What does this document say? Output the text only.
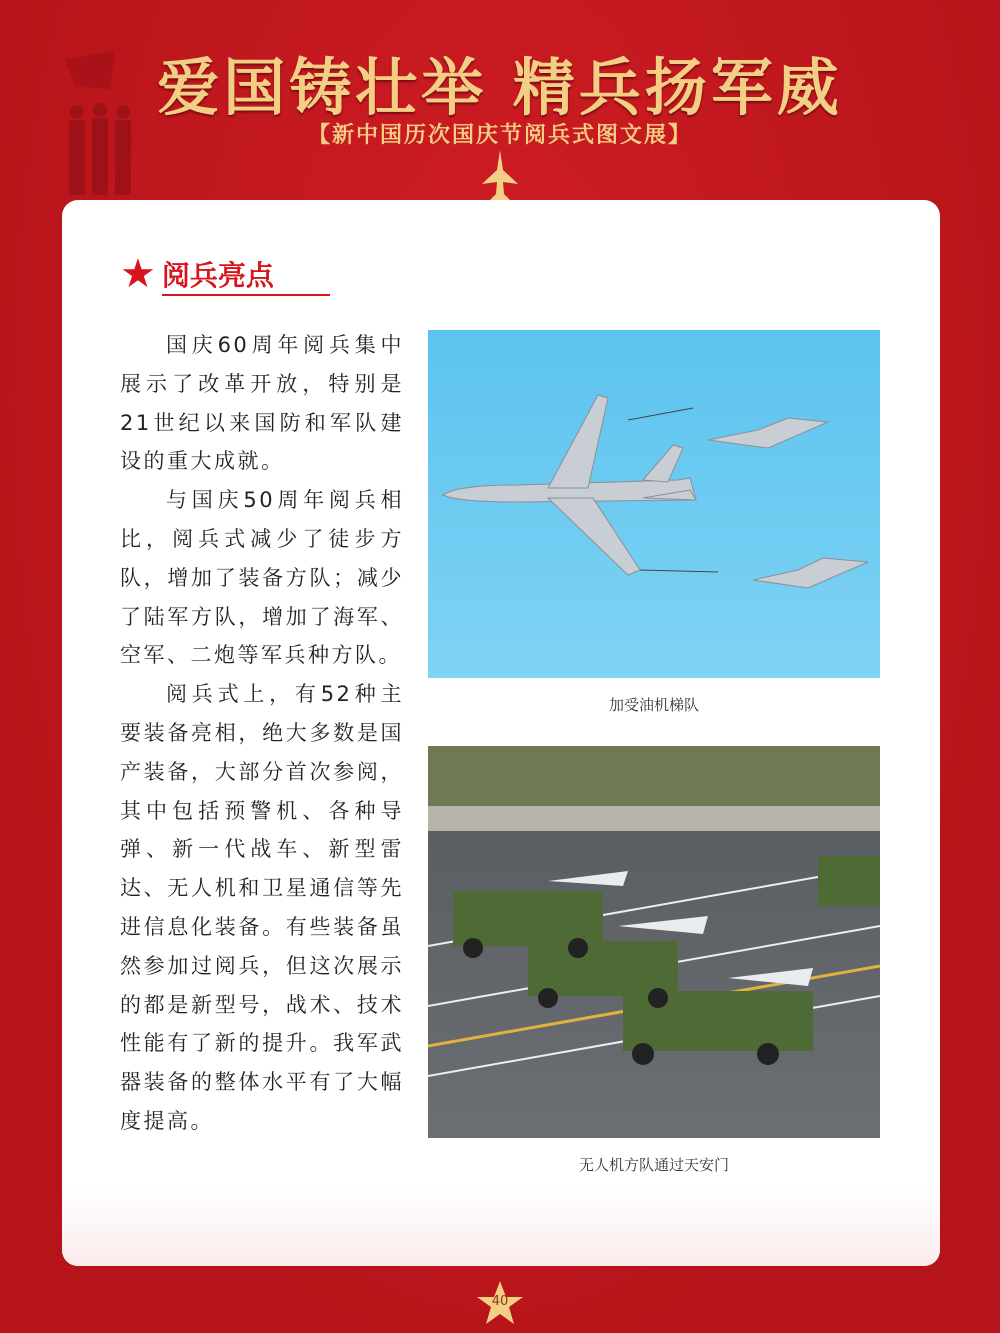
爱国铸壮举 精兵扬军威
【新中国历次国庆节阅兵式图文展】
★ 阅兵亮点

国庆60周年阅兵集中展示了改革开放，特别是21世纪以来国防和军队建设的重大成就。

与国庆50周年阅兵相比，阅兵式减少了徒步方队，增加了装备方队；减少了陆军方队，增加了海军、空军、二炮等军兵种方队。

阅兵式上，有52种主要装备亮相，绝大多数是国产装备，大部分首次参阅，其中包括预警机、各种导弹、新一代战车、新型雷达、无人机和卫星通信等先进信息化装备。有些装备虽然参加过阅兵，但这次展示的都是新型号，战术、技术性能有了新的提升。我军武器装备的整体水平有了大幅度提高。

加受油机梯队
无人机方队通过天安门
40
